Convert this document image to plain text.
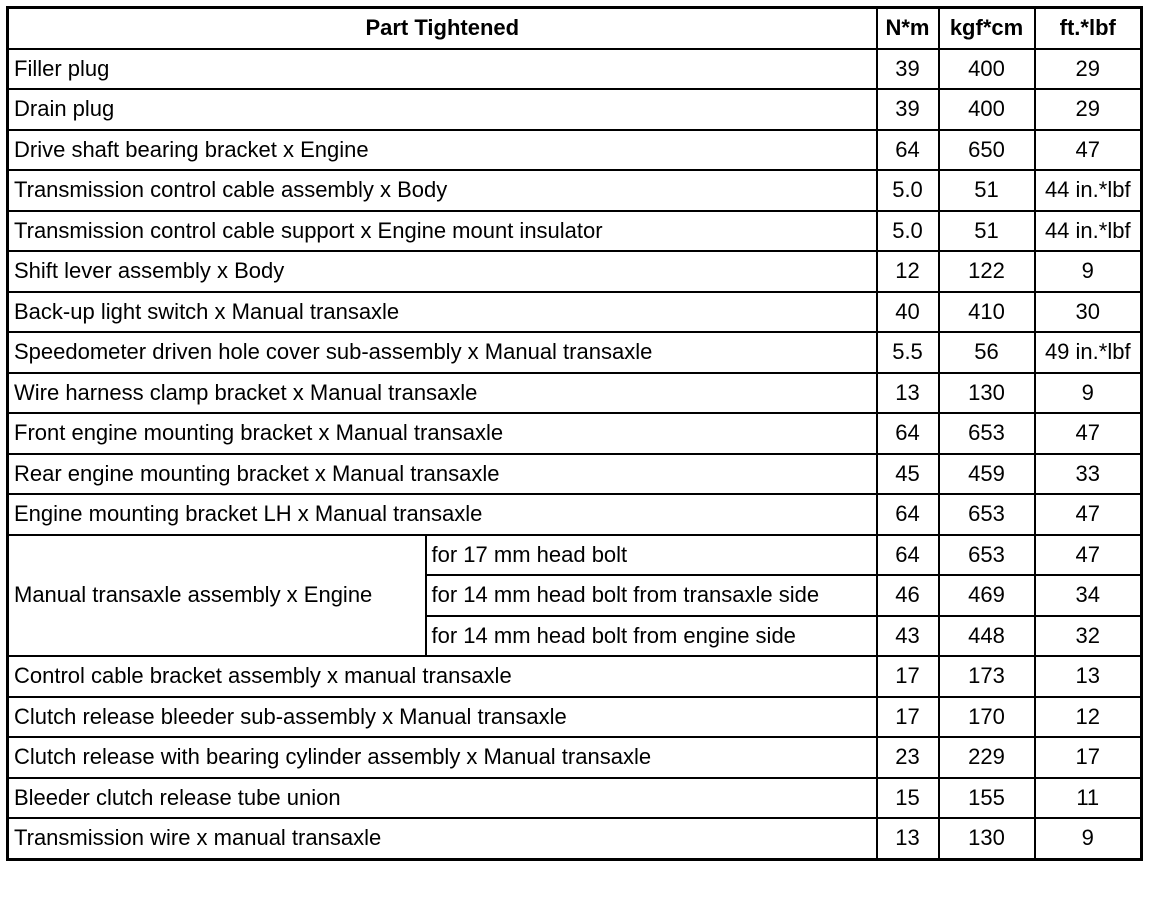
Part Tightened		N*m	kgf*cm	ft.*lbf
Filler plug		39	400	29
Drain plug		39	400	29
Drive shaft bearing bracket x Engine		64	650	47
Transmission control cable assembly x Body		5.0	51	44 in.*lbf
Transmission control cable support x Engine mount insulator		5.0	51	44 in.*lbf
Shift lever assembly x Body		12	122	9
Back-up light switch x Manual transaxle		40	410	30
Speedometer driven hole cover sub-assembly x Manual transaxle		5.5	56	49 in.*lbf
Wire harness clamp bracket x Manual transaxle		13	130	9
Front engine mounting bracket x Manual transaxle		64	653	47
Rear engine mounting bracket x Manual transaxle		45	459	33
Engine mounting bracket LH x Manual transaxle		64	653	47
Manual transaxle assembly x Engine	for 17 mm head bolt	64	653	47
	for 14 mm head bolt from transaxle side	46	469	34
	for 14 mm head bolt from engine side	43	448	32
Control cable bracket assembly x manual transaxle		17	173	13
Clutch release bleeder sub-assembly x Manual transaxle		17	170	12
Clutch release with bearing cylinder assembly x Manual transaxle		23	229	17
Bleeder clutch release tube union		15	155	11
Transmission wire x manual transaxle		13	130	9
